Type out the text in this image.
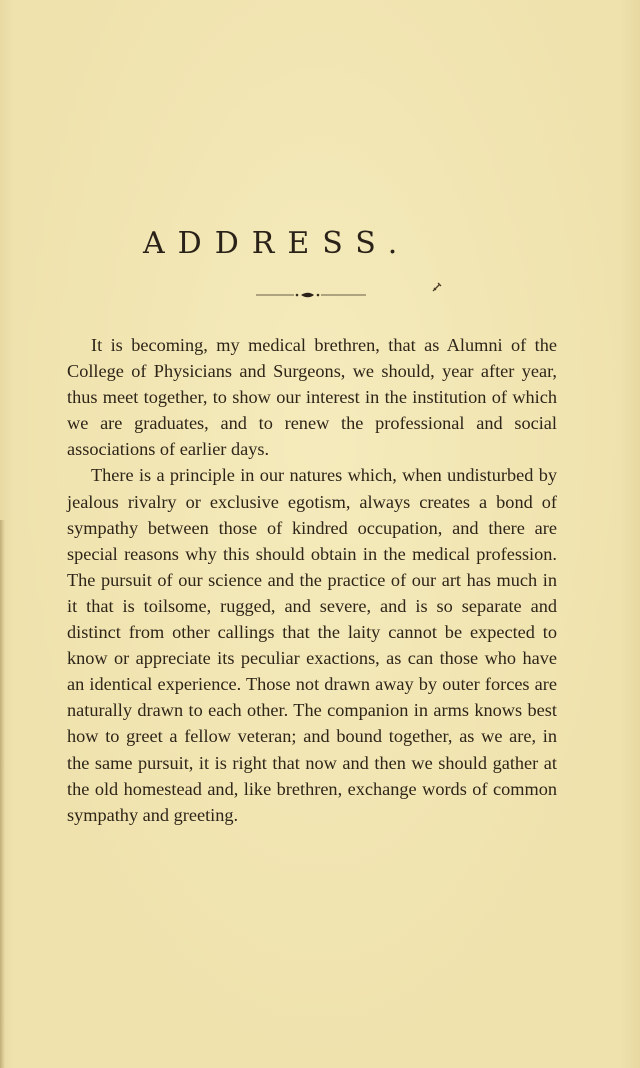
ADDRESS.

It is becoming, my medical brethren, that as Alumni of the College of Physicians and Surgeons, we should, year after year, thus meet together, to show our interest in the institution of which we are graduates, and to renew the professional and social associations of earlier days.

There is a principle in our natures which, when undisturbed by jealous rivalry or exclusive egotism, always creates a bond of sympathy between those of kindred occupation, and there are special reasons why this should obtain in the medical profession. The pursuit of our science and the practice of our art has much in it that is toilsome, rugged, and severe, and is so separate and distinct from other callings that the laity cannot be expected to know or appreciate its peculiar exactions, as can those who have an identical experience. Those not drawn away by outer forces are naturally drawn to each other. The companion in arms knows best how to greet a fellow veteran; and bound together, as we are, in the same pursuit, it is right that now and then we should gather at the old homestead and, like brethren, exchange words of common sympathy and greeting.
